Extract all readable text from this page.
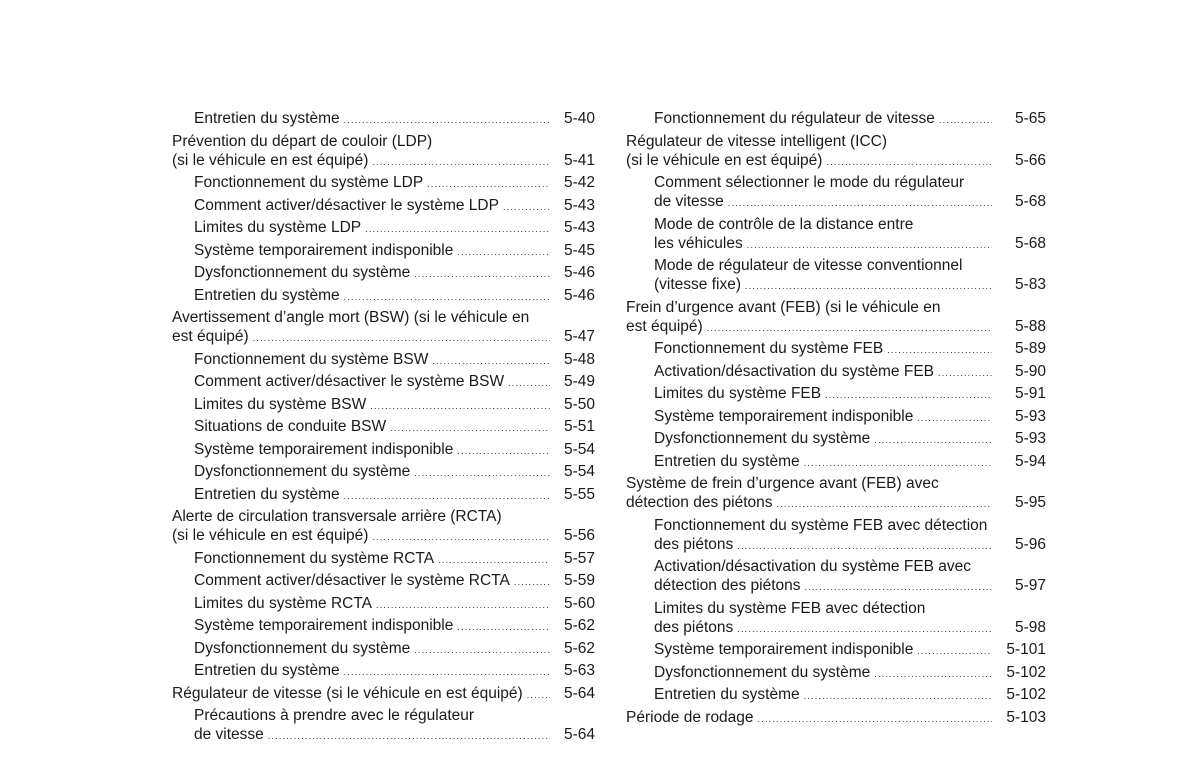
Entretien du système .....	5-40
Prévention du départ de couloir (LDP)
(si le véhicule en est équipé) .....	5-41
Fonctionnement du système LDP .....	5-42
Comment activer/désactiver le système LDP .....	5-43
Limites du système LDP .....	5-43
Système temporairement indisponible .....	5-45
Dysfonctionnement du système .....	5-46
Entretien du système .....	5-46
Avertissement d’angle mort (BSW) (si le véhicule en
est équipé) .....	5-47
Fonctionnement du système BSW .....	5-48
Comment activer/désactiver le système BSW .....	5-49
Limites du système BSW .....	5-50
Situations de conduite BSW .....	5-51
Système temporairement indisponible .....	5-54
Dysfonctionnement du système .....	5-54
Entretien du système .....	5-55
Alerte de circulation transversale arrière (RCTA)
(si le véhicule en est équipé) .....	5-56
Fonctionnement du système RCTA .....	5-57
Comment activer/désactiver le système RCTA .....	5-59
Limites du système RCTA .....	5-60
Système temporairement indisponible .....	5-62
Dysfonctionnement du système .....	5-62
Entretien du système .....	5-63
Régulateur de vitesse (si le véhicule en est équipé) .....	5-64
Précautions à prendre avec le régulateur
de vitesse .....	5-64
Fonctionnement du régulateur de vitesse .....	5-65
Régulateur de vitesse intelligent (ICC)
(si le véhicule en est équipé) .....	5-66
Comment sélectionner le mode du régulateur
de vitesse .....	5-68
Mode de contrôle de la distance entre
les véhicules .....	5-68
Mode de régulateur de vitesse conventionnel
(vitesse fixe) .....	5-83
Frein d’urgence avant (FEB) (si le véhicule en
est équipé) .....	5-88
Fonctionnement du système FEB .....	5-89
Activation/désactivation du système FEB .....	5-90
Limites du système FEB .....	5-91
Système temporairement indisponible .....	5-93
Dysfonctionnement du système .....	5-93
Entretien du système .....	5-94
Système de frein d’urgence avant (FEB) avec
détection des piétons .....	5-95
Fonctionnement du système FEB avec détection
des piétons .....	5-96
Activation/désactivation du système FEB avec
détection des piétons .....	5-97
Limites du système FEB avec détection
des piétons .....	5-98
Système temporairement indisponible .....	5-101
Dysfonctionnement du système .....	5-102
Entretien du système .....	5-102
Période de rodage .....	5-103
